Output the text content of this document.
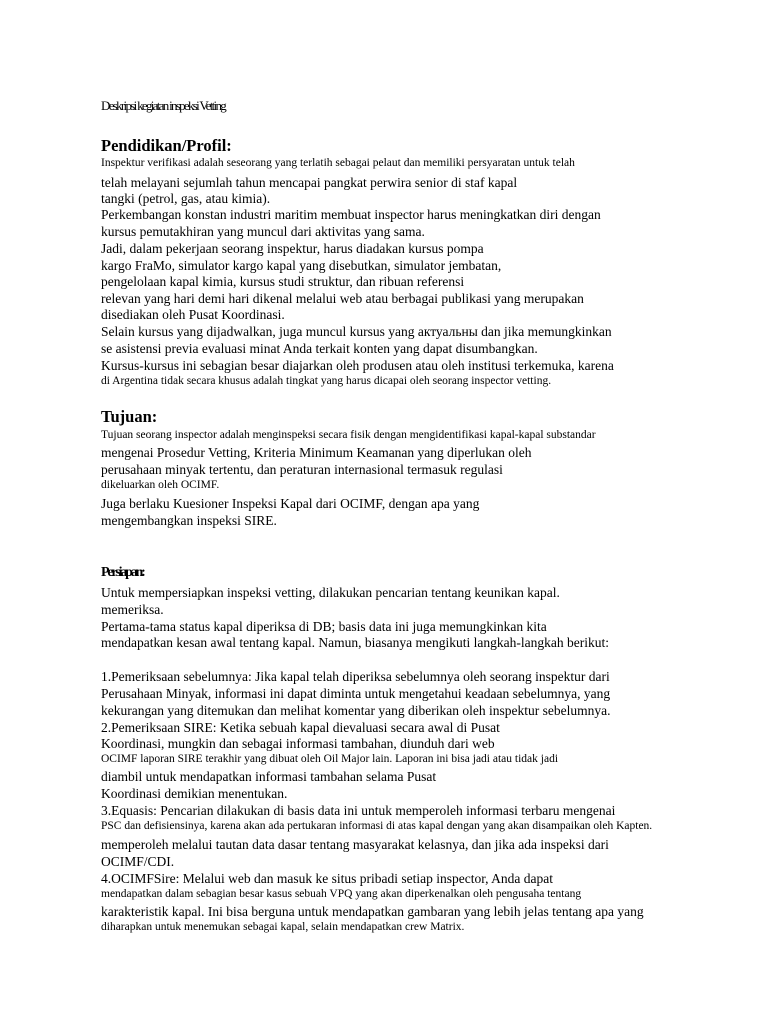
Deskripsi kegiatan inspeksi Vetting
Pendidikan/Profil:
Inspektur verifikasi adalah seseorang yang terlatih sebagai pelaut dan memiliki persyaratan untuk telah
telah melayani sejumlah tahun mencapai pangkat perwira senior di staf kapal
tangki (petrol, gas, atau kimia).
Perkembangan konstan industri maritim membuat inspector harus meningkatkan diri dengan
kursus pemutakhiran yang muncul dari aktivitas yang sama.
Jadi, dalam pekerjaan seorang inspektur, harus diadakan kursus pompa
kargo FraMo, simulator kargo kapal yang disebutkan, simulator jembatan,
pengelolaan kapal kimia, kursus studi struktur, dan ribuan referensi
relevan yang hari demi hari dikenal melalui web atau berbagai publikasi yang merupakan
disediakan oleh Pusat Koordinasi.
Selain kursus yang dijadwalkan, juga muncul kursus yang актуальны dan jika memungkinkan
se asistensi previa evaluasi minat Anda terkait konten yang dapat disumbangkan.
Kursus-kursus ini sebagian besar diajarkan oleh produsen atau oleh institusi terkemuka, karena
di Argentina tidak secara khusus adalah tingkat yang harus dicapai oleh seorang inspector vetting.
Tujuan:
Tujuan seorang inspector adalah menginspeksi secara fisik dengan mengidentifikasi kapal-kapal substandar
mengenai Prosedur Vetting, Kriteria Minimum Keamanan yang diperlukan oleh
perusahaan minyak tertentu, dan peraturan internasional termasuk regulasi
dikeluarkan oleh OCIMF.
Juga berlaku Kuesioner Inspeksi Kapal dari OCIMF, dengan apa yang
mengembangkan inspeksi SIRE.
Persiapan:
Untuk mempersiapkan inspeksi vetting, dilakukan pencarian tentang keunikan kapal.
memeriksa.
Pertama-tama status kapal diperiksa di DB; basis data ini juga memungkinkan kita
mendapatkan kesan awal tentang kapal. Namun, biasanya mengikuti langkah-langkah berikut:
1.Pemeriksaan sebelumnya: Jika kapal telah diperiksa sebelumnya oleh seorang inspektur dari
Perusahaan Minyak, informasi ini dapat diminta untuk mengetahui keadaan sebelumnya, yang
kekurangan yang ditemukan dan melihat komentar yang diberikan oleh inspektur sebelumnya.
2.Pemeriksaan SIRE: Ketika sebuah kapal dievaluasi secara awal di Pusat
Koordinasi, mungkin dan sebagai informasi tambahan, diunduh dari web
OCIMF laporan SIRE terakhir yang dibuat oleh Oil Major lain. Laporan ini bisa jadi atau tidak jadi
diambil untuk mendapatkan informasi tambahan selama Pusat
Koordinasi demikian menentukan.
3.Equasis: Pencarian dilakukan di basis data ini untuk memperoleh informasi terbaru mengenai
PSC dan defisiensinya, karena akan ada pertukaran informasi di atas kapal dengan yang akan disampaikan oleh Kapten.
memperoleh melalui tautan data dasar tentang masyarakat kelasnya, dan jika ada inspeksi dari
OCIMF/CDI.
4.OCIMFSire: Melalui web dan masuk ke situs pribadi setiap inspector, Anda dapat
mendapatkan dalam sebagian besar kasus sebuah VPQ yang akan diperkenalkan oleh pengusaha tentang
karakteristik kapal. Ini bisa berguna untuk mendapatkan gambaran yang lebih jelas tentang apa yang
diharapkan untuk menemukan sebagai kapal, selain mendapatkan crew Matrix.
